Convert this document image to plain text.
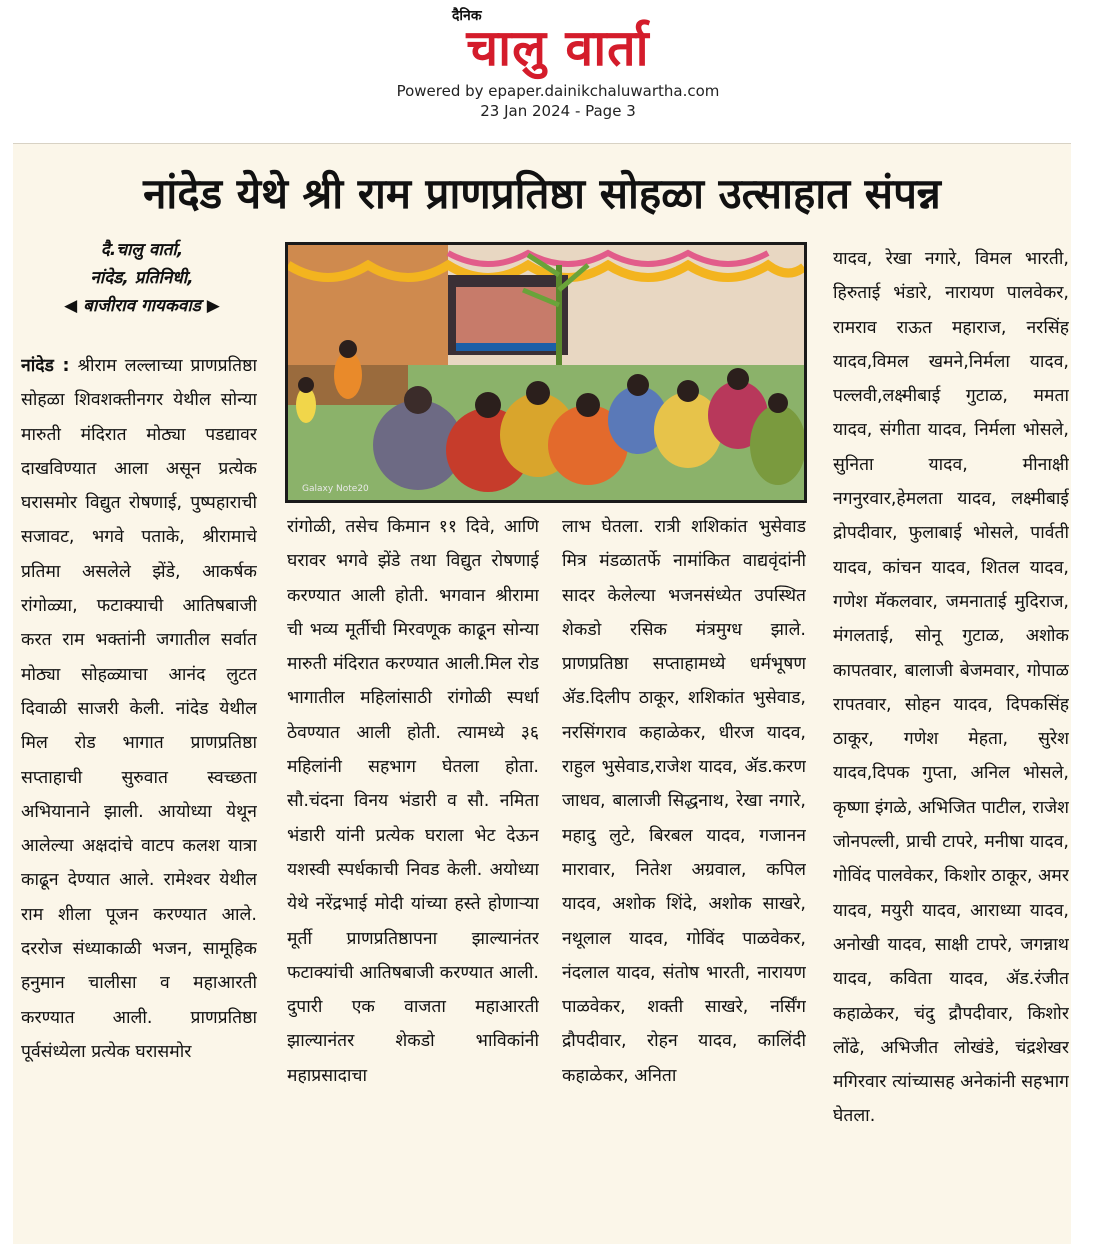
दैनिक
चालु वार्ता
Powered by epaper.dainikchaluwartha.com
23 Jan 2024 - Page 3
नांदेड येथे श्री राम प्राणप्रतिष्ठा सोहळा उत्साहात संपन्न
दै.चालु वार्ता,
नांदेड, प्रतिनिधी,
◀ बाजीराव गायकवाड ▶
नांदेड : श्रीराम लल्लाच्या प्राणप्रतिष्ठा सोहळा शिवशक्तीनगर येथील सोन्या मारुती मंदिरात मोठ्या पडद्यावर दाखविण्यात आला असून प्रत्येक घरासमोर विद्युत रोषणाई, पुष्पहाराची सजावट, भगवे पताके, श्रीरामाचे प्रतिमा असलेले झेंडे, आकर्षक रांगोळ्या, फटाक्याची आतिषबाजी करत राम भक्तांनी जगातील सर्वात मोठ्या सोहळ्याचा आनंद लुटत दिवाळी साजरी केली. नांदेड येथील मिल रोड भागात प्राणप्रतिष्ठा सप्ताहाची सुरुवात स्वच्छता अभियानाने झाली. आयोध्या येथून आलेल्या अक्षदांचे वाटप कलश यात्रा काढून देण्यात आले. रामेश्वर येथील राम शीला पूजन करण्यात आले. दररोज संध्याकाळी भजन, सामूहिक हनुमान चालीसा व महाआरती करण्यात आली. प्राणप्रतिष्ठा पूर्वसंध्येला प्रत्येक घरासमोर
Galaxy Note20
रांगोळी, तसेच किमान ११ दिवे, आणि घरावर भगवे झेंडे तथा विद्युत रोषणाई करण्यात आली होती. भगवान श्रीरामा ची भव्य मूर्तीची मिरवणूक काढून सोन्या मारुती मंदिरात करण्यात आली.मिल रोड भागातील महिलांसाठी रांगोळी स्पर्धा ठेवण्यात आली होती. त्यामध्ये ३६ महिलांनी सहभाग घेतला होता. सौ.चंदना विनय भंडारी व सौ. नमिता भंडारी यांनी प्रत्येक घराला भेट देऊन यशस्वी स्पर्धकाची निवड केली. अयोध्या येथे नरेंद्रभाई मोदी यांच्या हस्ते होणाऱ्या मूर्ती प्राणप्रतिष्ठापना झाल्यानंतर फटाक्यांची आतिषबाजी करण्यात आली. दुपारी एक वाजता महाआरती झाल्यानंतर शेकडो भाविकांनी महाप्रसादाचा
लाभ घेतला. रात्री शशिकांत भुसेवाड मित्र मंडळातर्फे नामांकित वाद्यवृंदांनी सादर केलेल्या भजनसंध्येत उपस्थित शेकडो रसिक मंत्रमुग्ध झाले. प्राणप्रतिष्ठा सप्ताहामध्ये धर्मभूषण ॲड.दिलीप ठाकूर, शशिकांत भुसेवाड, नरसिंगराव कहाळेकर, धीरज यादव, राहुल भुसेवाड,राजेश यादव, ॲड.करण जाधव, बालाजी सिद्धनाथ, रेखा नगारे, महादु लुटे, बिरबल यादव, गजानन मारावार, नितेश अग्रवाल, कपिल यादव, अशोक शिंदे, अशोक साखरे, नथूलाल यादव, गोविंद पाळवेकर, नंदलाल यादव, संतोष भारती, नारायण पाळवेकर, शक्ती साखरे, नर्सिंग द्रौपदीवार, रोहन यादव, कालिंदी कहाळेकर, अनिता
यादव, रेखा नगारे, विमल भारती, हिरुताई भंडारे, नारायण पालवेकर, रामराव राऊत महाराज, नरसिंह यादव,विमल खमने,निर्मला यादव, पल्लवी,लक्ष्मीबाई गुटाळ, ममता यादव, संगीता यादव, निर्मला भोसले, सुनिता यादव, मीनाक्षी नगनुरवार,हेमलता यादव, लक्ष्मीबाई द्रोपदीवार, फुलाबाई भोसले, पार्वती यादव, कांचन यादव, शितल यादव, गणेश मॅकलवार, जमनाताई मुदिराज, मंगलताई, सोनू गुटाळ, अशोक कापतवार, बालाजी बेजमवार, गोपाळ रापतवार, सोहन यादव, दिपकसिंह ठाकूर, गणेश मेहता, सुरेश यादव,दिपक गुप्ता, अनिल भोसले, कृष्णा इंगळे, अभिजित पाटील, राजेश जोनपल्ली, प्राची टापरे, मनीषा यादव, गोविंद पालवेकर, किशोर ठाकूर, अमर यादव, मयुरी यादव, आराध्या यादव, अनोखी यादव, साक्षी टापरे, जगन्नाथ यादव, कविता यादव, ॲड.रंजीत कहाळेकर, चंदु द्रौपदीवार, किशोर लोंढे, अभिजीत लोखंडे, चंद्रशेखर मगिरवार त्यांच्यासह अनेकांनी सहभाग घेतला.
